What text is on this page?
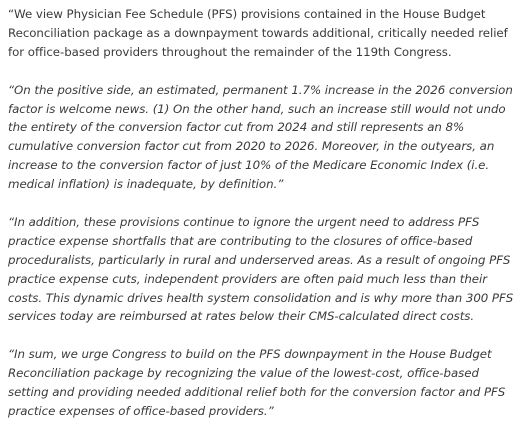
“We view Physician Fee Schedule (PFS) provisions contained in the House Budget Reconciliation package as a downpayment towards additional, critically needed relief for office-based providers throughout the remainder of the 119th Congress.

“On the positive side, an estimated, permanent 1.7% increase in the 2026 conversion factor is welcome news. (1) On the other hand, such an increase still would not undo the entirety of the conversion factor cut from 2024 and still represents an 8% cumulative conversion factor cut from 2020 to 2026. Moreover, in the outyears, an increase to the conversion factor of just 10% of the Medicare Economic Index (i.e. medical inflation) is inadequate, by definition.”

“In addition, these provisions continue to ignore the urgent need to address PFS practice expense shortfalls that are contributing to the closures of office-based proceduralists, particularly in rural and underserved areas. As a result of ongoing PFS practice expense cuts, independent providers are often paid much less than their costs. This dynamic drives health system consolidation and is why more than 300 PFS services today are reimbursed at rates below their CMS-calculated direct costs.

“In sum, we urge Congress to build on the PFS downpayment in the House Budget Reconciliation package by recognizing the value of the lowest-cost, office-based setting and providing needed additional relief both for the conversion factor and PFS practice expenses of office-based providers.”
